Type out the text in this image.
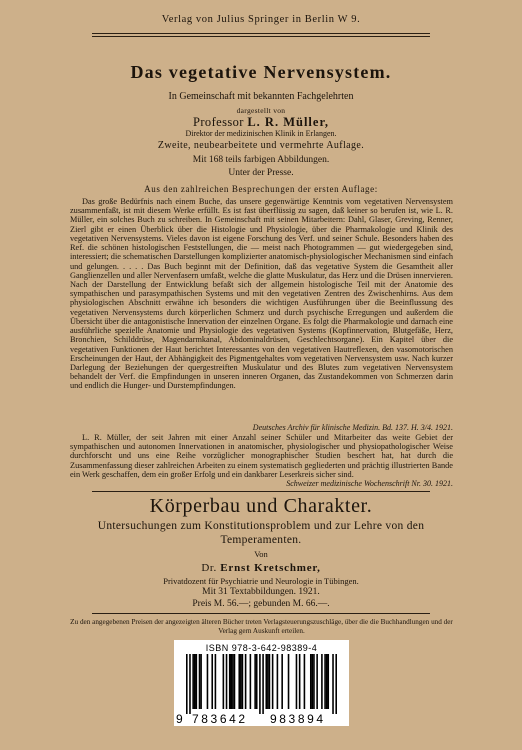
Verlag von Julius Springer in Berlin W 9.
Das vegetative Nervensystem.
In Gemeinschaft mit bekannten Fachgelehrten
dargestellt von
Professor L. R. Müller,
Direktor der medizinischen Klinik in Erlangen.
Zweite, neubearbeitete und vermehrte Auflage.
Mit 168 teils farbigen Abbildungen.
Unter der Presse.
Aus den zahlreichen Besprechungen der ersten Auflage:

Das große Bedürfnis nach einem Buche, das unsere gegenwärtige Kenntnis vom vegetativen Nervensystem zusammenfaßt, ist mit diesem Werke erfüllt. Es ist fast überflüssig zu sagen, daß keiner so berufen ist, wie L. R. Müller, ein solches Buch zu schreiben. In Gemeinschaft mit seinen Mitarbeitern: Dahl, Glaser, Greving, Renner, Zierl gibt er einen Überblick über die Histologie und Physiologie, über die Pharmakologie und Klinik des vegetativen Nervensystems. Vieles davon ist eigene Forschung des Verf. und seiner Schule. Besonders haben des Ref. die schönen histologischen Feststellungen, die — meist nach Photogrammen — gut wiedergegeben sind, interessiert; die schematischen Darstellungen komplizierter anatomisch-physiologischer Mechanismen sind einfach und gelungen. . . . . Das Buch beginnt mit der Definition, daß das vegetative System die Gesamtheit aller Ganglienzellen und aller Nervenfasern umfaßt, welche die glatte Muskulatur, das Herz und die Drüsen innervieren. Nach der Darstellung der Entwicklung befaßt sich der allgemein histologische Teil mit der Anatomie des sympathischen und parasympathischen Systems und mit den vegetativen Zentren des Zwischenhirns. Aus dem physiologischen Abschnitt erwähne ich besonders die wichtigen Ausführungen über die Beeinflussung des vegetativen Nervensystems durch körperlichen Schmerz und durch psychische Erregungen und außerdem die Übersicht über die antagonistische Innervation der einzelnen Organe. Es folgt die Pharmakologie und darnach eine ausführliche spezielle Anatomie und Physiologie des vegetativen Systems (Kopfinnervation, Blutgefäße, Herz, Bronchien, Schilddrüse, Magendarmkanal, Abdominaldrüsen, Geschlechtsorgane). Ein Kapitel über die vegetativen Funktionen der Haut berichtet Interessantes von den vegetativen Hautreflexen, den vasomotorischen Erscheinungen der Haut, der Abhängigkeit des Pigmentgehaltes vom vegetativen Nervensystem usw. Nach kurzer Darlegung der Beziehungen der quergestreiften Muskulatur und des Blutes zum vegetativen Nervensystem behandelt der Verf. die Empfindungen in unseren inneren Organen, das Zustandekommen von Schmerzen darin und endlich die Hunger- und Durstempfindungen.

Deutsches Archiv für klinische Medizin. Bd. 137. H. 3/4. 1921.

L. R. Müller, der seit Jahren mit einer Anzahl seiner Schüler und Mitarbeiter das weite Gebiet der sympathischen und autonomen Innervationen in anatomischer, physiologischer und physiopathologischer Weise durchforscht und uns eine Reihe vorzüglicher monographischer Studien beschert hat, hat durch die Zusammenfassung dieser zahlreichen Arbeiten zu einem systematisch gegliederten und prächtig illustrierten Bande ein Werk geschaffen, dem ein großer Erfolg und ein dankbarer Leserkreis sicher sind.

Schweizer medizinische Wochenschrift Nr. 30. 1921.
Körperbau und Charakter.
Untersuchungen zum Konstitutionsproblem und zur Lehre von den Temperamenten.
Von
Dr. Ernst Kretschmer,
Privatdozent für Psychiatrie und Neurologie in Tübingen.
Mit 31 Textabbildungen. 1921.
Preis M. 56.—; gebunden M. 66.—.
Zu den angegebenen Preisen der angezeigten älteren Bücher treten Verlagsteuerungszuschläge, über die die Buchhandlungen und der Verlag gern Auskunft erteilen.
ISBN 978-3-642-98389-4
9 783642 983894
